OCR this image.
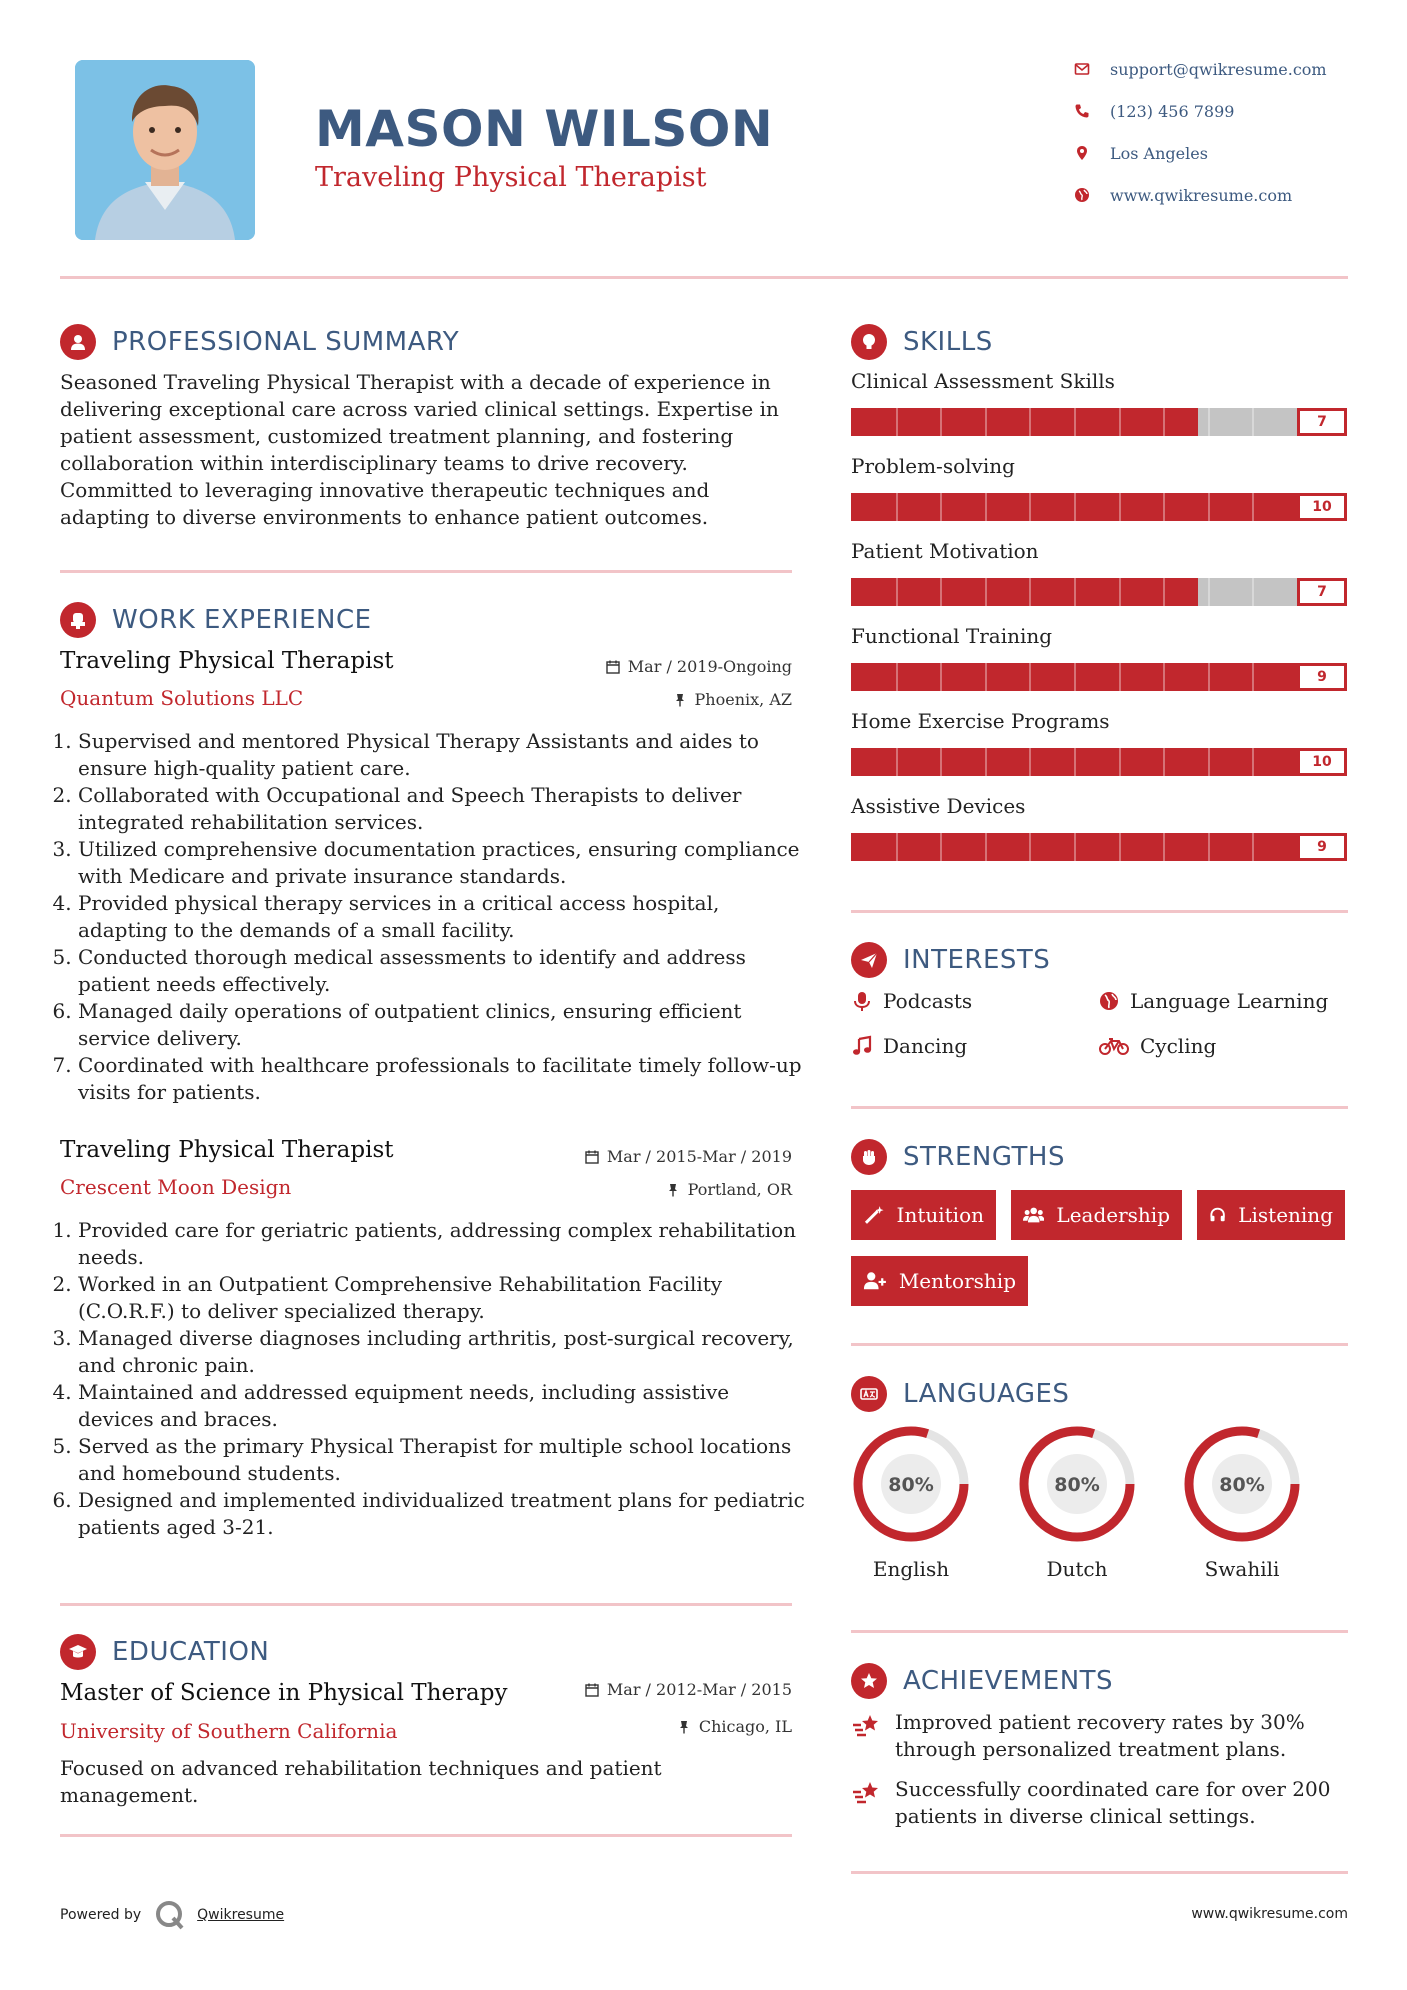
MASON WILSON
Traveling Physical Therapist
support@qwikresume.com
(123) 456 7899
Los Angeles
www.qwikresume.com
PROFESSIONAL SUMMARY
Seasoned Traveling Physical Therapist with a decade of experience in delivering exceptional care across varied clinical settings. Expertise in patient assessment, customized treatment planning, and fostering collaboration within interdisciplinary teams to drive recovery. Committed to leveraging innovative therapeutic techniques and adapting to diverse environments to enhance patient outcomes.
WORK EXPERIENCE
Traveling Physical Therapist
Quantum Solutions LLC
Mar / 2019-Ongoing
Phoenix, AZ
1. Supervised and mentored Physical Therapy Assistants and aides to ensure high-quality patient care.
2. Collaborated with Occupational and Speech Therapists to deliver integrated rehabilitation services.
3. Utilized comprehensive documentation practices, ensuring compliance with Medicare and private insurance standards.
4. Provided physical therapy services in a critical access hospital, adapting to the demands of a small facility.
5. Conducted thorough medical assessments to identify and address patient needs effectively.
6. Managed daily operations of outpatient clinics, ensuring efficient service delivery.
7. Coordinated with healthcare professionals to facilitate timely follow-up visits for patients.
Traveling Physical Therapist
Crescent Moon Design
Mar / 2015-Mar / 2019
Portland, OR
1. Provided care for geriatric patients, addressing complex rehabilitation needs.
2. Worked in an Outpatient Comprehensive Rehabilitation Facility (C.O.R.F.) to deliver specialized therapy.
3. Managed diverse diagnoses including arthritis, post-surgical recovery, and chronic pain.
4. Maintained and addressed equipment needs, including assistive devices and braces.
5. Served as the primary Physical Therapist for multiple school locations and homebound students.
6. Designed and implemented individualized treatment plans for pediatric patients aged 3-21.
EDUCATION
Master of Science in Physical Therapy
University of Southern California
Mar / 2012-Mar / 2015
Chicago, IL
Focused on advanced rehabilitation techniques and patient management.
SKILLS
Clinical Assessment Skills
7
Problem-solving
10
Patient Motivation
7
Functional Training
9
Home Exercise Programs
10
Assistive Devices
9
INTERESTS
Podcasts	Language Learning
Dancing	Cycling
STRENGTHS
Intuition	Leadership	Listening
Mentorship
LANGUAGES
80%
English
80%
Dutch
80%
Swahili
ACHIEVEMENTS
Improved patient recovery rates by 30% through personalized treatment plans.
Successfully coordinated care for over 200 patients in diverse clinical settings.
Powered by	Qwikresume	www.qwikresume.com
